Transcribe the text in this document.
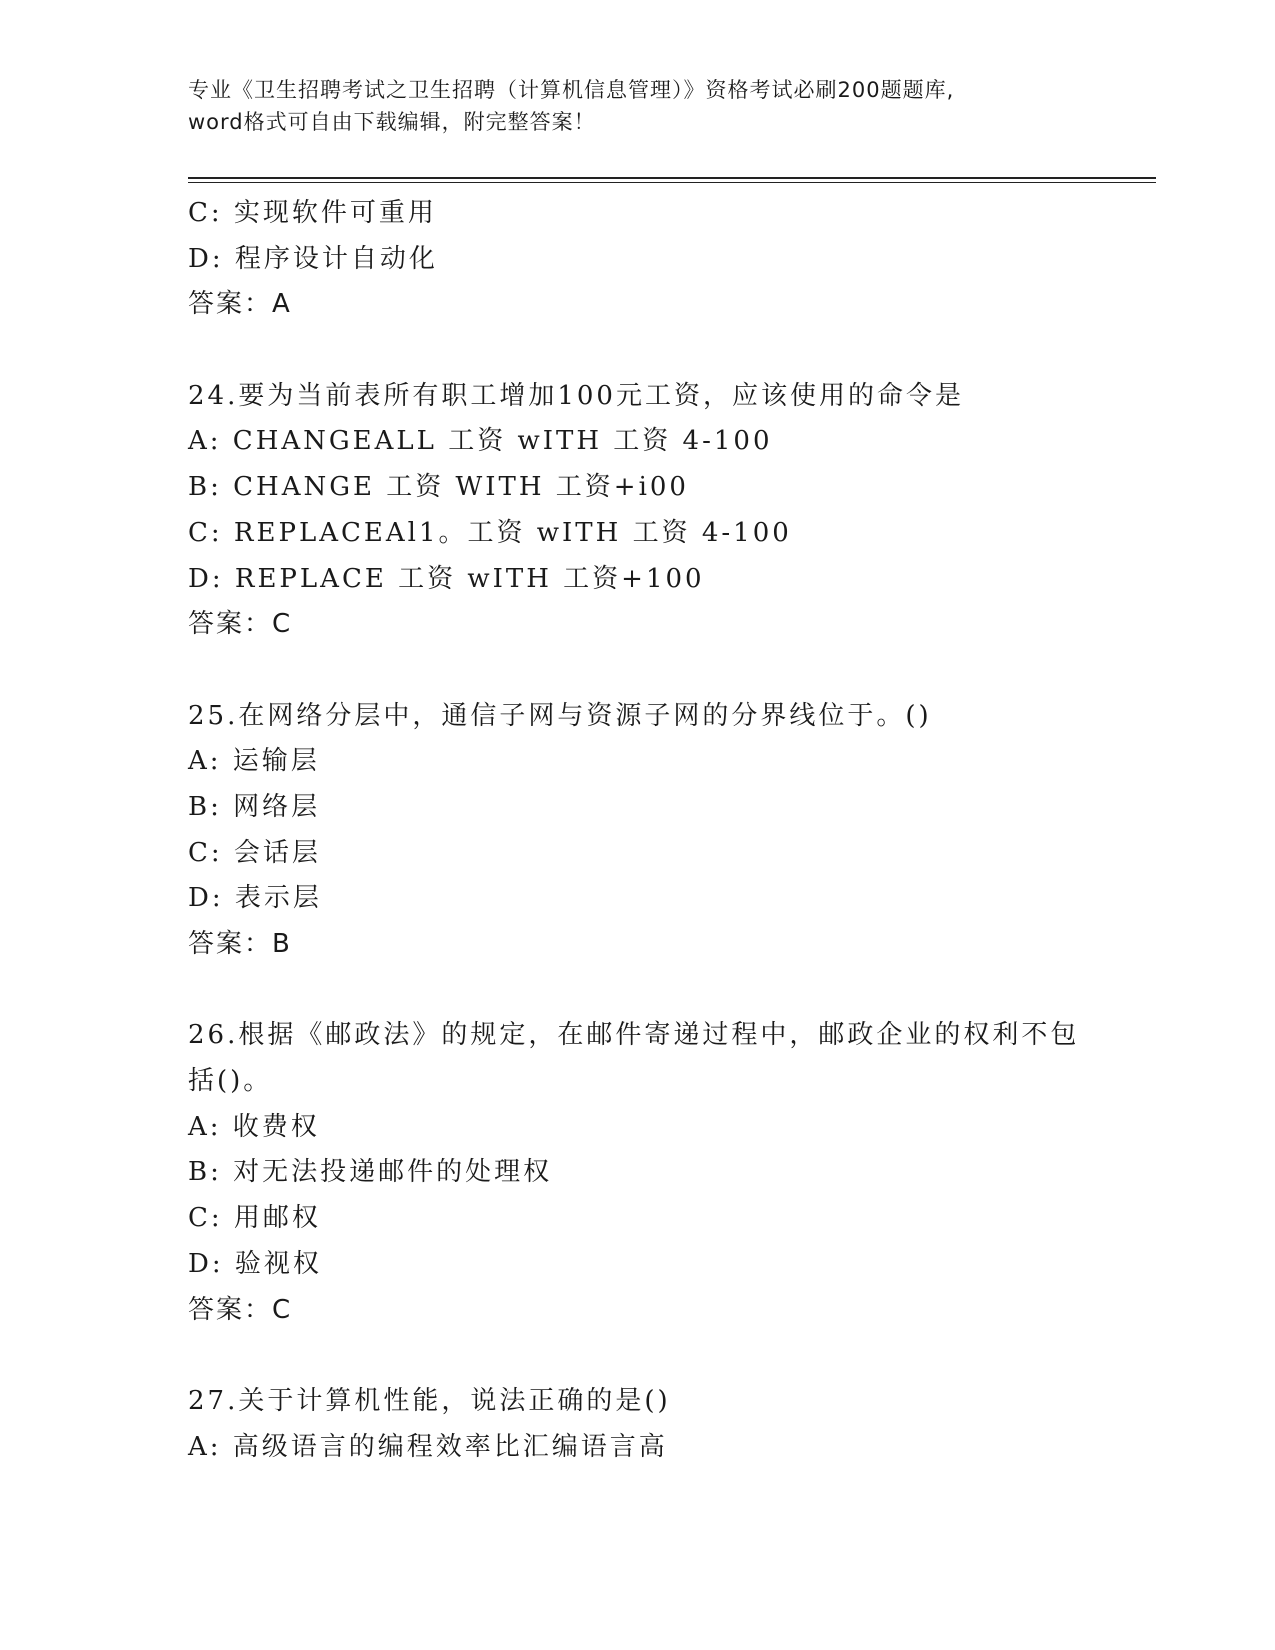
专业《卫生招聘考试之卫生招聘（计算机信息管理）》资格考试必刷200题题库,
word格式可自由下载编辑，附完整答案！
C: 实现软件可重用
D: 程序设计自动化
答案：A
24.要为当前表所有职工增加100元工资，应该使用的命令是
A: CHANGEALL 工资 wITH 工资 4-100
B: CHANGE 工资 WITH 工资+i00
C: REPLACEAl1。工资 wITH 工资 4-100
D: REPLACE 工资 wITH 工资+100
答案：C
25.在网络分层中，通信子网与资源子网的分界线位于。()
A: 运输层
B: 网络层
C: 会话层
D: 表示层
答案：B
26.根据《邮政法》的规定，在邮件寄递过程中，邮政企业的权利不包
括()。
A: 收费权
B: 对无法投递邮件的处理权
C: 用邮权
D: 验视权
答案：C
27.关于计算机性能，说法正确的是()
A: 高级语言的编程效率比汇编语言高
